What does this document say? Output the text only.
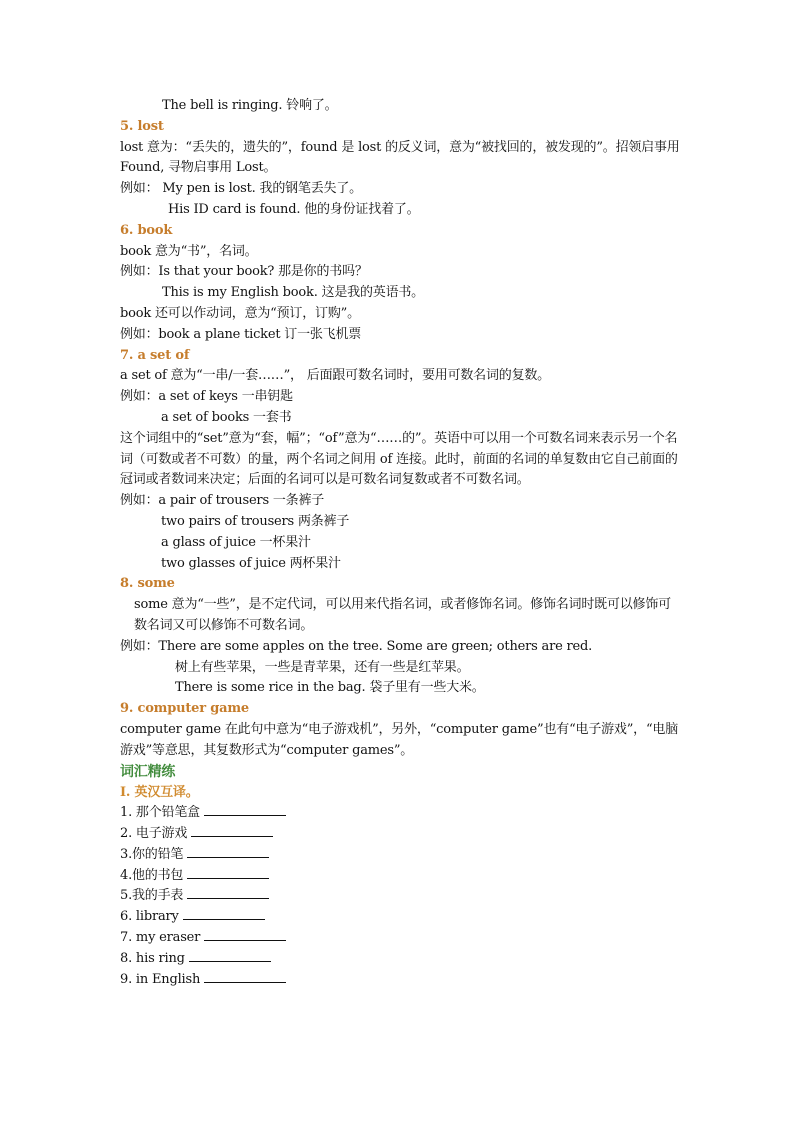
The bell is ringing. 铃响了。
5. lost
lost 意为：“丢失的，遗失的”，found 是 lost 的反义词，意为“被找回的，被发现的”。招领启事用 Found, 寻物启事用 Lost。
例如： My pen is lost. 我的钢笔丢失了。
His ID card is found. 他的身份证找着了。
6. book
book 意为“书”，名词。
例如：Is that your book? 那是你的书吗？
This is my English book. 这是我的英语书。
book 还可以作动词，意为“预订，订购”。
例如：book a plane ticket 订一张飞机票
7. a set of
a set of 意为“一串/一套……”， 后面跟可数名词时，要用可数名词的复数。
例如：a set of keys 一串钥匙
a set of books 一套书
这个词组中的“set”意为“套，幅”；“of”意为“……的”。英语中可以用一个可数名词来表示另一个名词（可数或者不可数）的量，两个名词之间用 of 连接。此时，前面的名词的单复数由它自己前面的冠词或者数词来决定；后面的名词可以是可数名词复数或者不可数名词。
例如：a pair of trousers 一条裤子
two pairs of trousers 两条裤子
a glass of juice 一杯果汁
two glasses of juice 两杯果汁
8. some
some 意为“一些”，是不定代词，可以用来代指名词，或者修饰名词。修饰名词时既可以修饰可数名词又可以修饰不可数名词。
例如：There are some apples on the tree. Some are green; others are red.
树上有些苹果，一些是青苹果，还有一些是红苹果。
There is some rice in the bag. 袋子里有一些大米。
9. computer game
computer game 在此句中意为“电子游戏机”，另外，“computer game”也有“电子游戏”，“电脑游戏”等意思，其复数形式为“computer games”。
词汇精练
Ⅰ. 英汉互译。
1. 那个铅笔盒
2. 电子游戏
3.你的铅笔
4.他的书包
5.我的手表
6. library
7. my eraser
8. his ring
9. in English
